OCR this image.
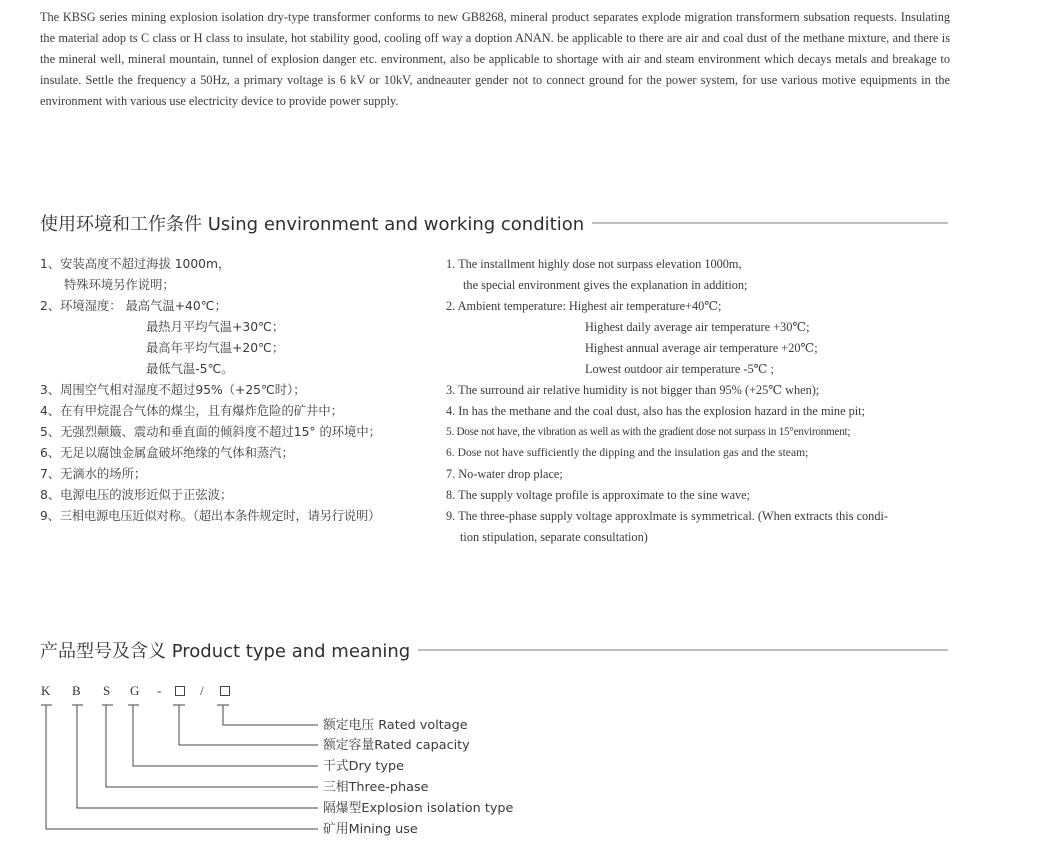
The KBSG series mining explosion isolation dry-type transformer conforms to new GB8268, mineral product separates explode migration transformern subsation requests. Insulating the material adop ts C class or H class to insulate, hot stability good, cooling off way a doption ANAN. be applicable to there are air and coal dust of the methane mixture, and there is the mineral well, mineral mountain, tunnel of explosion danger etc. environment, also be applicable to shortage with air and steam environment which decays metals and breakage to insulate. Settle the frequency a 50Hz, a primary voltage is 6 kV or 10kV, andneauter gender not to connect ground for the power system, for use various motive equipments in the environment with various use electricity device to provide power supply.

使用环境和工作条件 Using environment and working condition
1、安装高度不超过海拔 1000m，
特殊环境另作说明；
2、环境湿度： 最高气温+40℃；
最热月平均气温+30℃；
最高年平均气温+20℃；
最低气温-5℃。
3、周围空气相对湿度不超过95%（+25℃时）；
4、在有甲烷混合气体的煤尘，且有爆炸危险的矿井中；
5、无强烈颠簸、震动和垂直面的倾斜度不超过15° 的环境中；
6、无足以腐蚀金属盒破坏绝缘的气体和蒸汽；
7、无滴水的场所；
8、电源电压的波形近似于正弦波；
9、三相电源电压近似对称。（超出本条件规定时，请另行说明）
1. The installment highly dose not surpass elevation 1000m,
the special environment gives the explanation in addition;
2. Ambient temperature: Highest air temperature+40℃;
Highest daily average air temperature +30℃;
Highest annual average air temperature +20℃;
Lowest outdoor air temperature -5℃ ;
3. The surround air relative humidity is not bigger than 95% (+25℃ when);
4. In has the methane and the coal dust, also has the explosion hazard in the mine pit;
5. Dose not have, the vibration as well as with the gradient dose not surpass in 15°environment;
6. Dose not have sufficiently the dipping and the insulation gas and the steam;
7. No-water drop place;
8. The supply voltage profile is approximate to the sine wave;
9. The three-phase supply voltage approxlmate is symmetrical. (When extracts this condi-
tion stipulation, separate consultation)
产品型号及含义 Product type and meaning
K B S G -	/
额定电压 Rated voltage
额定容量Rated capacity
干式Dry type
三相Three-phase
隔爆型Explosion isolation type
矿用Mining use
